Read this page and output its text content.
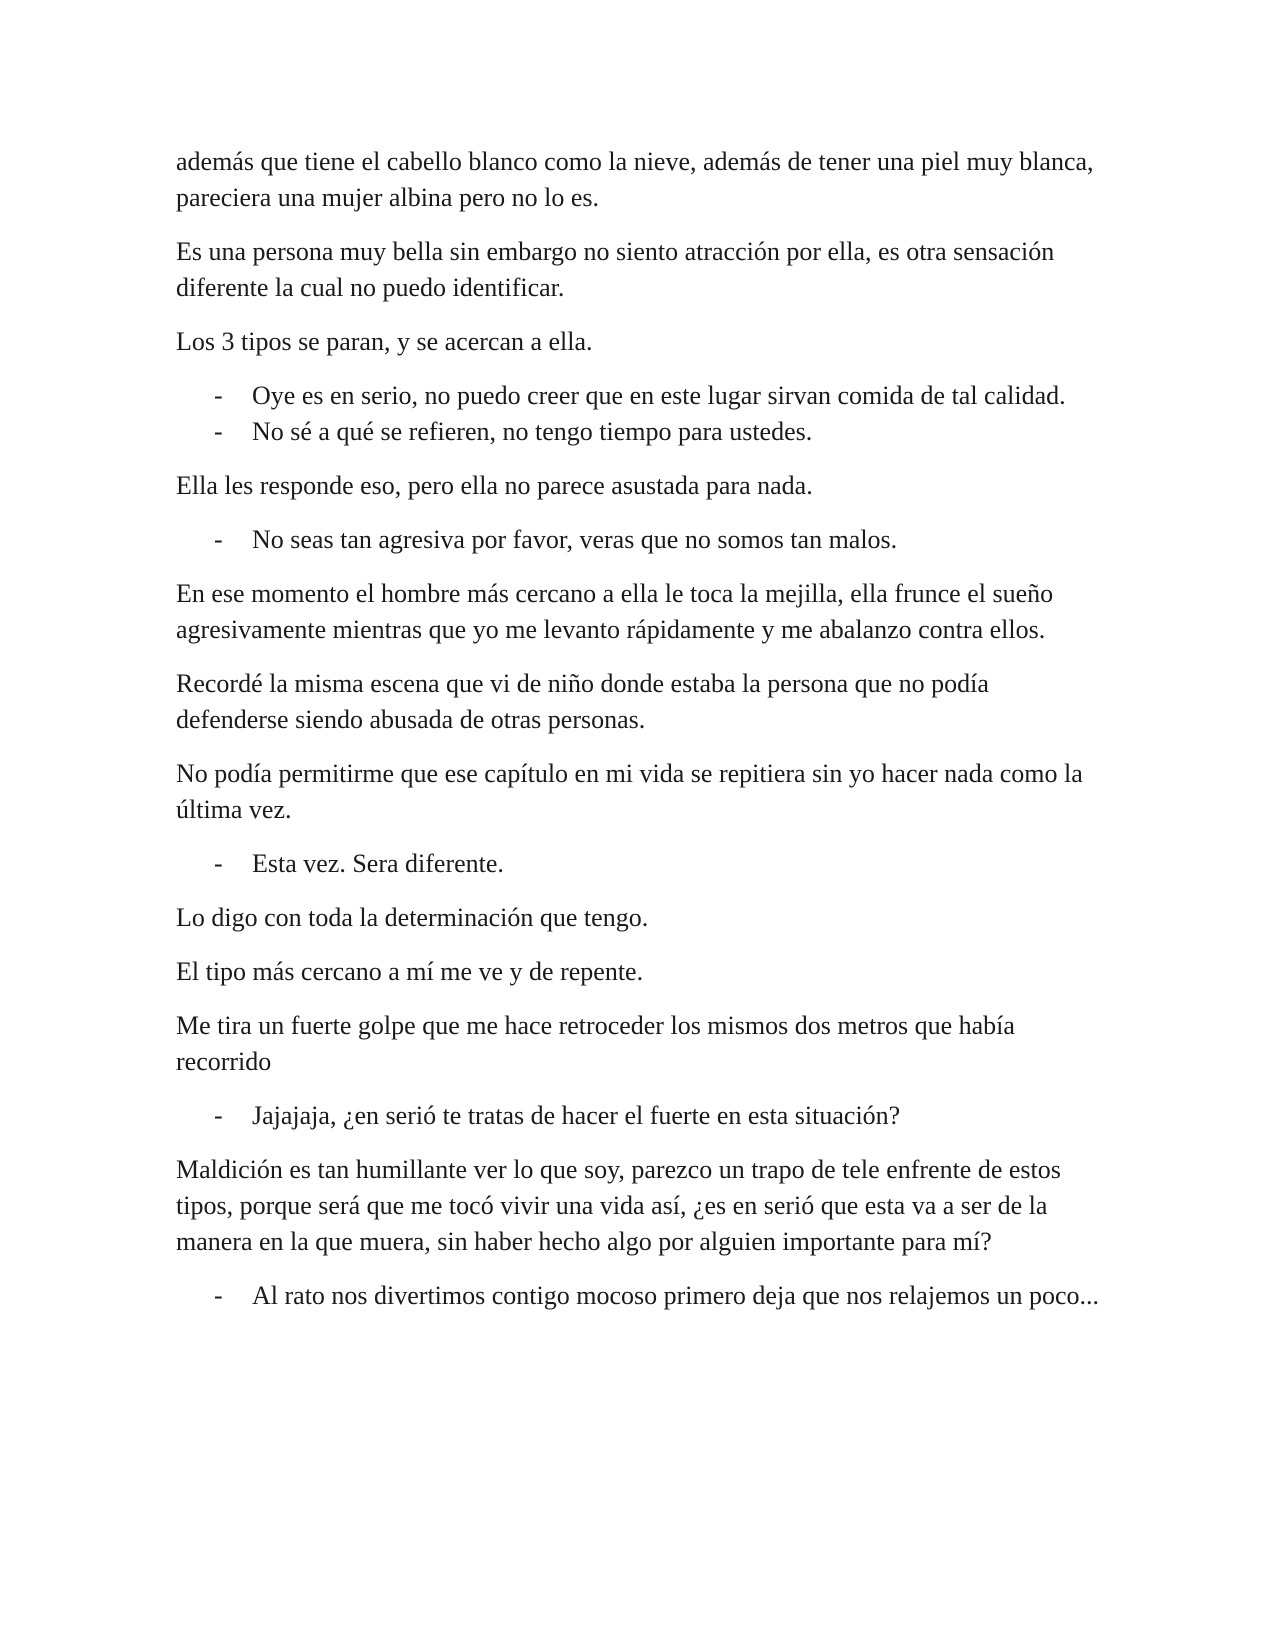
además que tiene el cabello blanco como la nieve, además de tener una piel muy blanca, pareciera una mujer albina pero no lo es.

Es una persona muy bella sin embargo no siento atracción por ella, es otra sensación diferente la cual no puedo identificar.

Los 3 tipos se paran, y se acercan a ella.

- Oye es en serio, no puedo creer que en este lugar sirvan comida de tal calidad.
- No sé a qué se refieren, no tengo tiempo para ustedes.

Ella les responde eso, pero ella no parece asustada para nada.

- No seas tan agresiva por favor, veras que no somos tan malos.

En ese momento el hombre más cercano a ella le toca la mejilla, ella frunce el sueño agresivamente mientras que yo me levanto rápidamente y me abalanzo contra ellos.

Recordé la misma escena que vi de niño donde estaba la persona que no podía defenderse siendo abusada de otras personas.

No podía permitirme que ese capítulo en mi vida se repitiera sin yo hacer nada como la última vez.

- Esta vez. Sera diferente.

Lo digo con toda la determinación que tengo.

El tipo más cercano a mí me ve y de repente.

Me tira un fuerte golpe que me hace retroceder los mismos dos metros que había recorrido

- Jajajaja, ¿en serió te tratas de hacer el fuerte en esta situación?

Maldición es tan humillante ver lo que soy, parezco un trapo de tele enfrente de estos tipos, porque será que me tocó vivir una vida así, ¿es en serió que esta va a ser de la manera en la que muera, sin haber hecho algo por alguien importante para mí?

- Al rato nos divertimos contigo mocoso primero deja que nos relajemos un poco...
